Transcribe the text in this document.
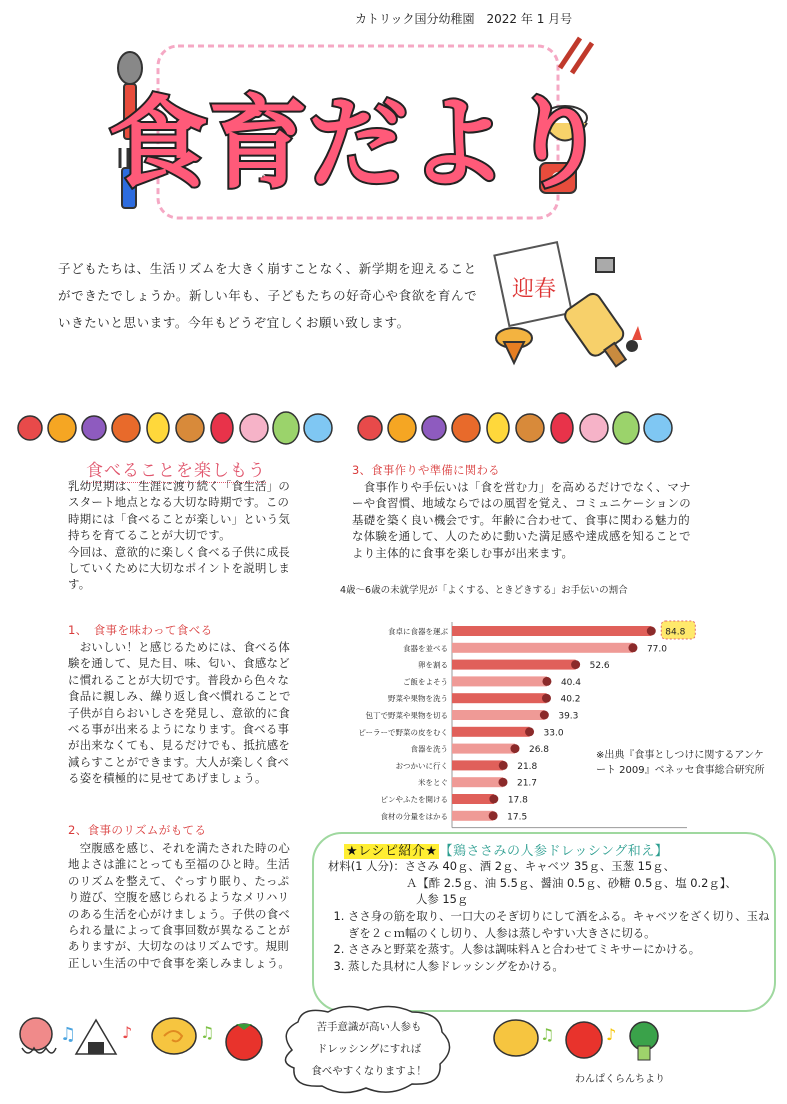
カトリック国分幼稚園　2022 年 1 月号
食育だより
子どもたちは、生活リズムを大きく崩すことなく、新学期を迎えることができたでしょうか。新しい年も、子どもたちの好奇心や食欲を育んでいきたいと思います。今年もどうぞ宜しくお願い致します。
迎春
食べることを楽しもう
乳幼児期は、生涯に渡り続く「食生活」のスタート地点となる大切な時期です。この時期には「食べることが楽しい」という気持ちを育てることが大切です。
今回は、意欲的に楽しく食べる子供に成長していくために大切なポイントを説明します。
1、　食事を味わって食べる
　おいしい！と感じるためには、食べる体験を通して、見た目、味、匂い、食感などに慣れることが大切です。普段から色々な食品に親しみ、繰り返し食べ慣れることで子供が自らおいしさを発見し、意欲的に食べる事が出来るようになります。食べる事が出来なくても、見るだけでも、抵抗感を減らすことができます。大人が楽しく食べる姿を積極的に見せてあげましょう。
2、食事のリズムがもてる
　空腹感を感じ、それを満たされた時の心地よさは誰にとっても至福のひと時。生活のリズムを整えて、ぐっすり眠り、たっぷり遊び、空腹を感じられるようなメリハリのある生活を心がけましょう。子供の食べられる量によって食事回数が異なることがありますが、大切なのはリズムです。規則正しい生活の中で食事を楽しみましょう。
3、食事作りや準備に関わる
　食事作りや手伝いは「食を営む力」を高めるだけでなく、マナーや食習慣、地域ならではの風習を覚え、コミュニケーションの基礎を築く良い機会です。年齢に合わせて、食事に関わる魅力的な体験を通して、人のために動いた満足感や達成感を知ることでより主体的に食事を楽しむ事が出来ます。
4歳～6歳の未就学児が「よくする、ときどきする」お手伝いの割合
食卓に食器を運ぶ	84.8
食器を並べる	77.0
卵を割る	52.6
ご飯をよそう	40.4
野菜や果物を洗う	40.2
包丁で野菜や果物を切る	39.3
ピーラーで野菜の皮をむく	33.0
食器を洗う	26.8
おつかいに行く	21.8
米をとぐ	21.7
ピンやふたを開ける	17.8
食材の分量をはかる	17.5
※出典『食事としつけに関するアンケート 2009』ベネッセ食事総合研究所
★レシピ紹介★ 【鶏ささみの人参ドレッシング和え】
材料(1 人分)：ささみ 40ｇ、酒 2ｇ、キャベツ 35ｇ、玉葱 15ｇ、
Ａ【酢 2.5ｇ、油 5.5ｇ、醤油 0.5ｇ、砂糖 0.5ｇ、塩 0.2ｇ】、
人参 15ｇ
1. ささ身の筋を取り、一口大のそぎ切りにして酒をふる。キャベツをざく切り、玉ねぎを２ｃｍ幅のくし切り、人参は蒸しやすい大きさに切る。
2. ささみと野菜を蒸す。人参は調味料Ａと合わせてミキサーにかける。
3. 蒸した具材に人参ドレッシングをかける。
苦手意識が高い人参も
ドレッシングにすれば
食べやすくなりますよ！
♫	♪	♫	♫	♪
わんぱくらんちより
